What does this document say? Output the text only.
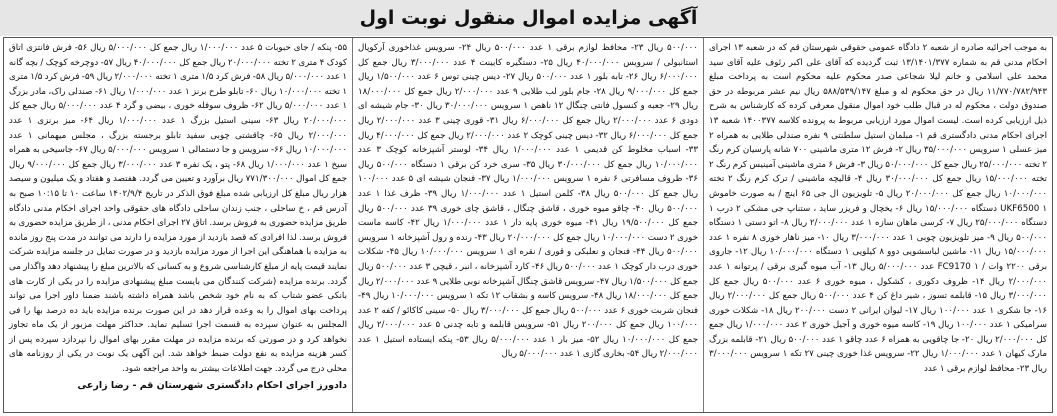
آگهی مزایده اموال منقول نوبت اول

به موجب اجرائیه صادره از شعبه ۲ دادگاه عمومی حقوقی شهرستان قم که در شعبه ۱۳ اجرای احکام مدنی قم به شماره ۱۳/۱۴۰۱/۳۷۷ ثبت گردیده که آقای علی اکبر رئوف علیه آقای سید محمد علی اسلامی و خانم لیلا شجاعی صدر محکوم علیه محکوم است به پرداخت مبلغ ۱۱/۷۷۰/۷۸۲/۹۴۳ ریال در حق محکوم له و مبلغ ۵۸۸/۵۳۹/۱۴۷ ریال نیم عشر مربوطه در حق صندوق دولت ، محکوم له در قبال طلب خود اموال منقول معرفی کرده که کارشناس به شرح ذیل ارزیابی کرده است. لیست اموال مورد ارزیابی مربوط به پرونده کلاسه ۱۴۰۰۳۷۷ شعبه ۱۳ اجرای احکام مدنی دادگستری قم ۱- مبلمان استیل سلطنتی ۹ نفره صندلی طلایی به همراه ۲ میز عسلی ۱ سرویس ۳۵/۰۰۰/۰۰۰ ریال ۲- فرش ۱۲ متری ماشینی ۷۰۰ شانه پارسیان کرم رنگ ۲ تخته ۲۵/۰۰۰/۰۰۰ ریال جمع کل ۵۰/۰۰۰/۰۰۰ ریال ۳- فرش ۶ متری ماشینی آمینیس کرم رنگ ۲ تخته ۱۵/۰۰۰/۰۰۰ ریال جمع کل ۳۰/۰۰۰/۰۰۰ ریال ۴- قالیچه ماشینی / ترک کرم رنگ ۲ تخته ۱۰/۰۰۰/۰۰۰ ریال جمع کل ۲۰/۰۰۰/۰۰۰ ریال ۵- تلویزیون ال جی ۶۵ اینچ / به صورت خاموش UKF6500 ۱ دستگاه ۱۵/۰۰۰/۰۰۰ ریال ۶- یخچال و فریزر ساید ، ستناپ جی مشکی ۲ درب ۱ دستگاه ۲۵/۰۰۰/۰۰۰ ریال ۷- کرسی ماهان سازه ۱ عدد ۲/۰۰۰/۰۰۰ ریال ۸- اتو دستی ۱ دستگاه ۵۰۰/۰۰۰ ریال ۹- میز تلویزیون چوبی ۱ عدد ۳/۰۰۰/۰۰۰ ریال ۱۰- میز ناهار خوری ۸ نفره ۱ عدد ۱۵/۰۰۰/۰۰۰ ریال ۱۱- ماشین لباسشویی دوو ۸ کیلویی ۱ دستگاه ۱۰/۰۰۰/۰۰۰ ریال ۱۲- جاروی برقی ۲۲۰۰ وات / FC9170 ۱ عدد ۵/۰۰۰/۰۰۰ ریال ۱۳- آب میوه گیری برقی / پرتوانه ۱ عدد ۲/۰۰۰/۰۰۰ ریال ۱۴- ظروف دکوری ، کشکول ، میوه خوری ۶ عدد ۵۰۰/۰۰۰ ریال جمع کل ۳/۰۰۰/۰۰۰ ریال ۱۵- قابلمه تسوز ، شیر داغ کن ۴ عدد ۵۰۰/۰۰۰ ریال جمع کل ۲/۰۰۰/۰۰۰ ریال ۱۶- جا شکری ۱ عدد ۱۰۰/۰۰۰ ریال ۱۷- لیوان ایرانی ۲ دست ۲۰۰/۰۰۰ ریال ۱۸- شکلات خوری سرامیکی ۱ عدد ۱۰۰/۰۰۰ ریال ۱۹- کاسه میوه خوری و آجیل خوری ۲ عدد ۱/۰۰۰/۰۰۰ ریال جمع کل ۲/۰۰۰/۰۰۰ ریال ۲۰- جا چاقویی به همراه ۶ عدد چاقو ۱ عدد ۵۰۰/۰۰۰ ریال ۲۱- قابلمه بزرگ مارک کیهان ۱ عدد ۱/۰۰۰/۰۰۰ ریال ۲۲- سرویس غذا خوری چینی ۲۷ تکه ۱ سرویس ۳/۰۰۰/۰۰۰ ریال ۲۳- محافظ لوازم برقی ۱ عدد

۵۰۰/۰۰۰ ریال ۲۳- محافظ لوازم برقی ۱ عدد ۵۰۰/۰۰۰ ریال ۲۴- سرویس غذاخوری آرکوپال استانبولی / سرویس ۴۰/۰۰۰/۰۰۰ ریال ۲۵- دستگیره کابینت ۴ عدد ۳/۰۰۰/۰۰۰ ریال جمع کل ۶/۰۰۰/۰۰۰ ریال ۲۶- تابه بلور ۱ عدد ۵۰۰/۰۰۰ ریال ۲۷- دیس چینی توس ۶ عدد ۱/۵۰۰/۰۰۰ ریال جمع کل ۹/۰۰۰/۰۰۰ ریال ۲۸- جام بلور لب طلایی ۹ عدد ۲/۰۰۰/۰۰۰ ریال جمع کل ۱۸/۰۰۰/۰۰۰ ریال ۲۹- جعبه و کنسول فانتی چنگال ۱۲ ناهص ۱ سرویس ۳۰/۰۰۰/۰۰۰ ریال ۳۰- جام شیشه ای دودی ۶ عدد ۲/۰۰۰/۰۰۰ ریال جمع کل ۶/۰۰۰/۰۰۰ ریال ۳۱- قوری چینی ۳ عدد ۲/۰۰۰/۰۰۰ ریال جمع کل ۶/۰۰۰/۰۰۰ ریال ۳۲- دیس چینی کوچک ۲ عدد ۲/۰۰۰/۰۰۰ ریال جمع کل ۴/۰۰۰/۰۰۰ ریال ۳۳- اسباب مخلوط کن قدیمی ۱ عدد ۱/۰۰۰/۰۰۰ ریال ۳۴- لوستر آشپزخانه کوچک ۳ عدد ۱۰/۰۰۰/۰۰۰ ریال جمع کل ۳۰/۰۰۰/۰۰۰ ریال ۳۵- سری خرد کن برقی ۱ دستگاه ۵۰۰/۰۰۰ ریال ۳۶- ظروف مسافرتی ۶ نفره ۱ سرویس ۱/۰۰۰/۰۰۰ ریال ۳۷- فنجان شیشه ای ۵ عدد ۱۰۰/۰۰۰ ریال جمع کل ۵۰۰/۰۰۰ ریال ۳۸- کلمن استیل ۱ عدد ۱/۰۰۰/۰۰۰ ریال ۳۹- ظرف غذا ۱ عدد ۵۰۰/۰۰۰ ریال ۴۰- چاقو میوه خوری ، قاشق چنگال ، قاشق چای خوری ۳۹ عدد ۵۰۰/۰۰۰ ریال جمع کل ۱۹/۵۰۰/۰۰۰ ریال ۴۱- میوه خوری پایه دار ۱ عدد ۱/۰۰۰/۰۰۰ ریال ۴۲- کاسه ماست خوری ۲ دست ۱۰/۰۰۰/۰۰۰ ریال جمع کل ۲۰/۰۰۰/۰۰۰ ریال ۴۳- رنده و رول آشپزخانه ۱ سرویس ۵۰۰/۰۰۰ ریال ۴۴- فنجان و نعلبکی و قوری / نقره ای ۱ سرویس ۱۰/۰۰۰/۰۰۰ ریال ۴۵- شکلات خوری درب دار کوچک ۱ عدد ۵۰۰/۰۰۰ ریال ۴۶- کارد آشپزخانه ، انبر ، قیچی ۳ عدد ۵۰۰/۰۰۰ ریال جمع کل ۱/۵۰۰/۰۰۰ ریال ۴۷- سرویس قاشق چنگال آشپزخانه نوبی طلایی ۹ عدد ۲/۰۰۰/۰۰۰ ریال جمع کل ۱۸/۰۰۰/۰۰۰ ریال ۴۸- سرویس کاسه و بشقاب ۱۲ تکه ۱ سرویس ۱۰/۰۰۰/۰۰۰ ریال ۴۹- فنجان شربت خوری ۶ عدد ۵۰۰/۰۰۰ ریال جمع کل ۳/۰۰۰/۰۰۰ ریال ۵۰- سینی کاکائو / کفه ۲ عدد ۱۰۰/۰۰۰ ریال جمع کل ۲۰۰/۰۰۰ ریال ۵۱- سرویس قابلمه و تابه چدنی ۵ عدد ۲/۰۰۰/۰۰۰ ریال جمع کل ۱۰/۰۰۰/۰۰۰ ریال ۵۲- میز بار ۱ عدد ۵/۰۰۰/۰۰۰ ریال ۵۳- پنکه ایستاده استیل ۱ عدد ۲/۰۰۰/۰۰۰ ریال ۵۴- بخاری گازی ۱ عدد ۵/۰۰۰/۰۰۰ ریال

۵۵- پنکه / جای حبوبات ۵ عدد ۱/۰۰۰/۰۰۰ ریال جمع کل ۵/۰۰۰/۰۰۰ ریال ۵۶- فرش فانتزی اتاق کودک ۴ متری ۲ تخته ۲۰/۰۰۰/۰۰۰ ریال جمع کل ۴۰/۰۰۰/۰۰۰ ریال ۵۷- دوچرخه کوچک / بچه گانه ۱ عدد ۵/۰۰۰/۰۰۰ ریال ۵۸- فرش کرد ۱/۵ متری ۱ تخته ۲/۰۰۰/۰۰۰ ریال ۵۹- فرش کرد ۱/۵ متری ۱ تخته ۱۰/۰۰۰/۰۰۰ ریال ۶۰- تابلو طرح برنز ۱ عدد ۱/۰۰۰/۰۰۰ ریال ۶۱- صندلی راک، مادر بزرگ ۱ عدد ۵/۰۰۰/۰۰۰ ریال ۶۲- ظروف سوفله خوری ، بیضی و گرد ۴ عدد ۵/۰۰۰/۰۰۰ ریال جمع کل ۲۰/۰۰۰/۰۰۰ ریال ۶۳- سینی استیل بزرگ ۱ عدد ۱/۰۰۰/۰۰۰ ریال ۶۴- میز برنزی ۱ عدد ۲/۰۰۰/۰۰۰ ریال ۶۵- چاقشتی چوبی سفید تابلو برجسته بزرگ ، مجلس میهمانی ۱ عدد ۱۰/۰۰۰/۰۰۰ ریال ۶۶- سرویس و جا دستمالی ۱ سرویس ۵/۰۰۰/۰۰۰ ریال ۶۷- جاسیخی به همراه سیخ ۱ عدد ۱/۰۰۰/۰۰۰ ریال ۶۸- پتو ، یک نفره ۳ عدد ۳/۰۰۰/۰۰۰ ریال جمع کل ۹/۰۰۰/۰۰۰ ریال جمع کل اموال ۷۷۱/۳۰۰/۰۰۰ ریال برآورد و تعیین می گردد. هفتصد و هفتاد و یک میلیون و سیصد هزار ریال مبلغ کل ارزیابی شده مبلغ فوق الذکر در تاریخ ۱۴۰۲/۹/۴ ساعت ۱۰ تا ۱۰:۱۵ صبح به آدرس قم ، خ ساحلی ، جنب زندان ساحلی دادگاه های حقوقی واحد اجرای احکام مدنی دادگاه طریق مزایده حضوری به فروش برسد. اتاق ۲۷ اجرای احکام مدنی ، از طریق مزایده حضوری به فروش برسد. لذا افرادی که قصد بازدید از مورد مزایده را دارند می توانند در مدت پنج روز مانده به مزایده با هماهنگی این اجرا از مورد مزایده بازدید و در صورت تمایل در جلسه مزایده شرکت نمایند قیمت پایه از مبلغ کارشناسی شروع و به کسانی که بالاترین مبلغ را پیشنهاد دهد واگذار می گردد. برنده مزایده (شرکت کنندگان می بایست مبلغ پیشنهادی مزایده را در یکی از کارت های بانکی عضو شتاب که به نام خود شخص باشد همراه داشته باشند ضمنا داور اجرا می تواند پرداخت بهای اموال را به وعده قرار دهد در این صورت برنده مزایده باید ده درصد بها را فی المجلس به عنوان سپرده به قسمت اجرا تسلیم نماید. حداکثر مهلت مزبور از یک ماه تجاوز نخواهد کرد و در صورتی که برنده مزایده در مهلت مقرر بهای اموال را نپردازد سپرده پس از کسر هزینه مزایده به نفع دولت ضبط خواهد شد. این آگهی یک نوبت در یکی از روزنامه های محلی درج می گردد. جهت اطلاعات بیشتر به واحد مراجعه شود.

دادورز اجرای احکام دادگستری شهرستان قم - رضا زارعی
